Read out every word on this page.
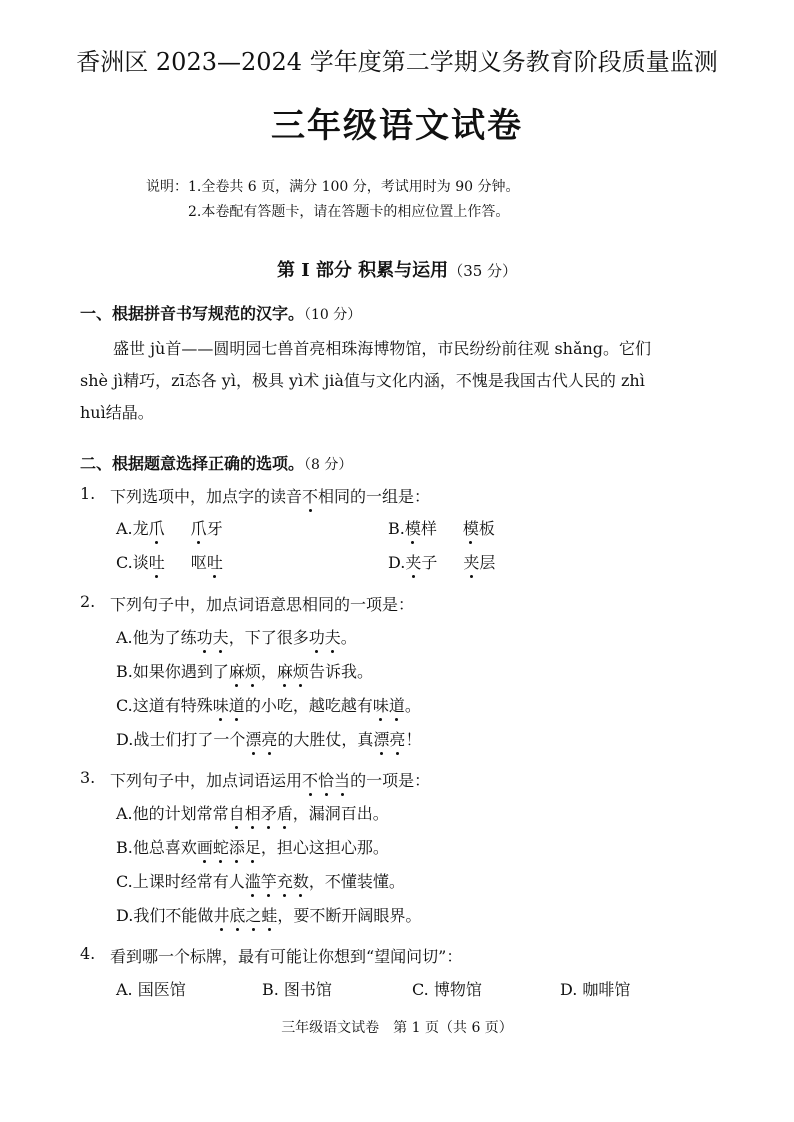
香洲区 2023—2024 学年度第二学期义务教育阶段质量监测
三年级语文试卷
说明：1.全卷共 6 页，满分 100 分，考试用时为 90 分钟。
2.本卷配有答题卡，请在答题卡的相应位置上作答。
第 I 部分 积累与运用（35 分）
一、根据拼音书写规范的汉字。（10 分）
盛世 jù首——圆明园七兽首亮相珠海博物馆，市民纷纷前往观 shǎng。它们
shè jì精巧，zī态各 yì，极具 yì术 jià值与文化内涵，不愧是我国古代人民的 zhì
huì结晶。
二、根据题意选择正确的选项。（8 分）
1. 下列选项中，加点字的读音不相同的一组是：
A.龙爪 爪牙	B.模样 模板
C.谈吐 呕吐	D.夹子 夹层
2. 下列句子中，加点词语意思相同的一项是：
A.他为了练功夫，下了很多功夫。
B.如果你遇到了麻烦，麻烦告诉我。
C.这道有特殊味道的小吃，越吃越有味道。
D.战士们打了一个漂亮的大胜仗，真漂亮！
3. 下列句子中，加点词语运用不恰当的一项是：
A.他的计划常常自相矛盾，漏洞百出。
B.他总喜欢画蛇添足，担心这担心那。
C.上课时经常有人滥竽充数，不懂装懂。
D.我们不能做井底之蛙，要不断开阔眼界。
4. 看到哪一个标牌，最有可能让你想到“望闻问切”：
A. 国医馆	B. 图书馆	C. 博物馆	D. 咖啡馆
三年级语文试卷　第 1 页（共 6 页）
